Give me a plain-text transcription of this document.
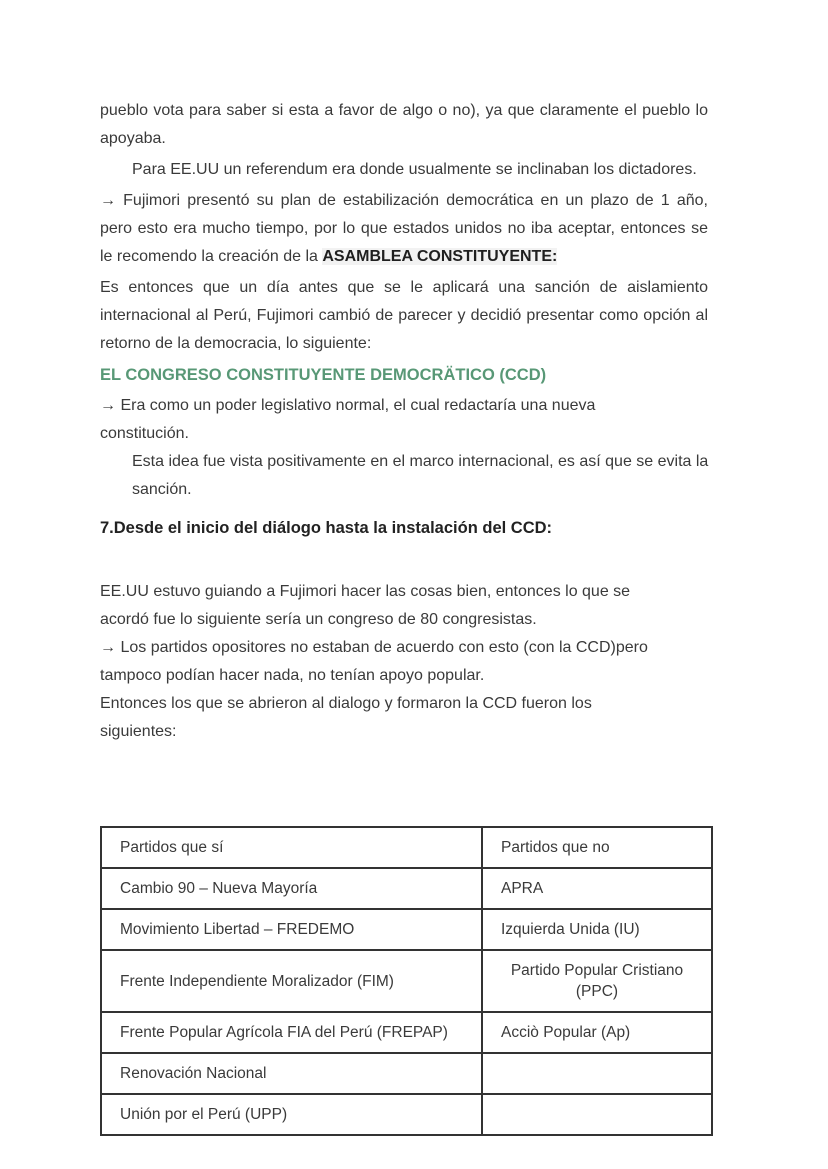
pueblo vota para saber si esta a favor de algo o no), ya que claramente el pueblo lo apoyaba.

Para EE.UU un referendum era donde usualmente se inclinaban los dictadores.

→ Fujimori presentó su plan de estabilización democrática en un plazo de 1 año, pero esto era mucho tiempo, por lo que estados unidos no iba aceptar, entonces se le recomendo la creación de la ASAMBLEA CONSTITUYENTE:

Es entonces que un día antes que se le aplicará una sanción de aislamiento internacional al Perú, Fujimori cambió de parecer y decidió presentar como opción al retorno de la democracia, lo siguiente:

EL CONGRESO CONSTITUYENTE DEMOCRÄTICO (CCD)

→ Era como un poder legislativo normal, el cual redactaría una nueva constitución.

Esta idea fue vista positivamente en el marco internacional, es así que se evita la sanción.

7.Desde el inicio del diálogo hasta la instalación del CCD:

EE.UU estuvo guiando a Fujimori hacer las cosas bien, entonces lo que se acordó fue lo siguiente sería un congreso de 80 congresistas.

→ Los partidos opositores no estaban de acuerdo con esto (con la CCD)pero tampoco podían hacer nada, no tenían apoyo popular.

Entonces los que se abrieron al dialogo y formaron la CCD fueron los siguientes:

Partidos que sí	Partidos que no
Cambio 90 – Nueva Mayoría	APRA
Movimiento Libertad – FREDEMO	Izquierda Unida (IU)
Frente Independiente Moralizador (FIM)	Partido Popular Cristiano (PPC)
Frente Popular Agrícola FIA del Perú (FREPAP)	Acciò Popular (Ap)
Renovación Nacional	
Unión por el Perú (UPP)	
